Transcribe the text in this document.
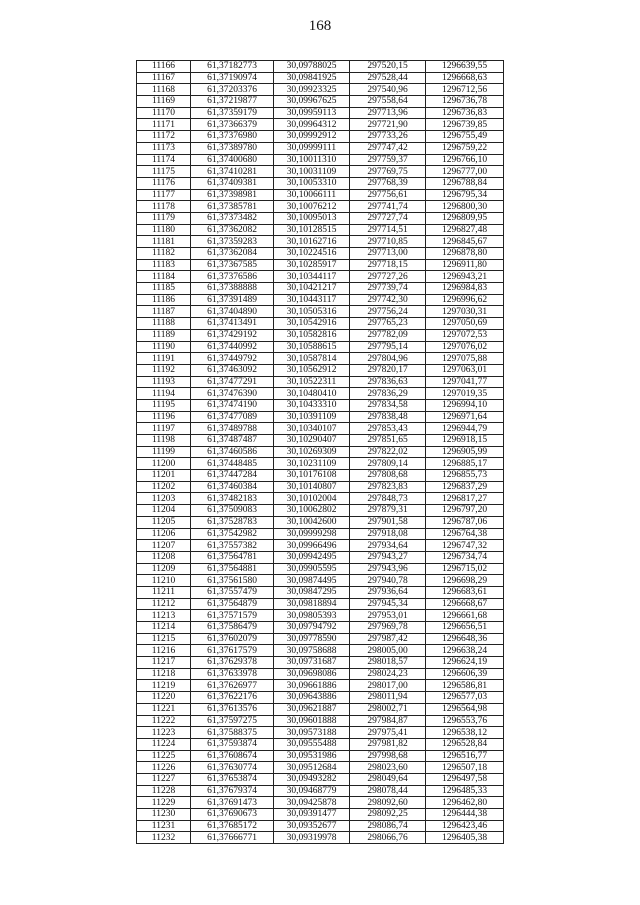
168
11166	61,37182773	30,09788025	297520,15	1296639,55
11167	61,37190974	30,09841925	297528,44	1296668,63
11168	61,37203376	30,09923325	297540,96	1296712,56
11169	61,37219877	30,09967625	297558,64	1296736,78
11170	61,37359179	30,09959113	297713,96	1296736,83
11171	61,37366379	30,09964312	297721,90	1296739,85
11172	61,37376980	30,09992912	297733,26	1296755,49
11173	61,37389780	30,09999111	297747,42	1296759,22
11174	61,37400680	30,10011310	297759,37	1296766,10
11175	61,37410281	30,10031109	297769,75	1296777,00
11176	61,37409381	30,10053310	297768,39	1296788,84
11177	61,37398981	30,10066111	297756,61	1296795,34
11178	61,37385781	30,10076212	297741,74	1296800,30
11179	61,37373482	30,10095013	297727,74	1296809,95
11180	61,37362082	30,10128515	297714,51	1296827,48
11181	61,37359283	30,10162716	297710,85	1296845,67
11182	61,37362084	30,10224516	297713,00	1296878,80
11183	61,37367585	30,10285917	297718,15	1296911,80
11184	61,37376586	30,10344117	297727,26	1296943,21
11185	61,37388888	30,10421217	297739,74	1296984,83
11186	61,37391489	30,10443117	297742,30	1296996,62
11187	61,37404890	30,10505316	297756,24	1297030,31
11188	61,37413491	30,10542916	297765,23	1297050,69
11189	61,37429192	30,10582816	297782,09	1297072,53
11190	61,37440992	30,10588615	297795,14	1297076,02
11191	61,37449792	30,10587814	297804,96	1297075,88
11192	61,37463092	30,10562912	297820,17	1297063,01
11193	61,37477291	30,10522311	297836,63	1297041,77
11194	61,37476390	30,10480410	297836,29	1297019,35
11195	61,37474190	30,10433310	297834,58	1296994,10
11196	61,37477089	30,10391109	297838,48	1296971,64
11197	61,37489788	30,10340107	297853,43	1296944,79
11198	61,37487487	30,10290407	297851,65	1296918,15
11199	61,37460586	30,10269309	297822,02	1296905,99
11200	61,37448485	30,10231109	297809,14	1296885,17
11201	61,37447284	30,10176108	297808,68	1296855,73
11202	61,37460384	30,10140807	297823,83	1296837,29
11203	61,37482183	30,10102004	297848,73	1296817,27
11204	61,37509083	30,10062802	297879,31	1296797,20
11205	61,37528783	30,10042600	297901,58	1296787,06
11206	61,37542982	30,09999298	297918,08	1296764,38
11207	61,37557382	30,09966496	297934,64	1296747,32
11208	61,37564781	30,09942495	297943,27	1296734,74
11209	61,37564881	30,09905595	297943,96	1296715,02
11210	61,37561580	30,09874495	297940,78	1296698,29
11211	61,37557479	30,09847295	297936,64	1296683,61
11212	61,37564879	30,09818894	297945,34	1296668,67
11213	61,37571579	30,09805393	297953,01	1296661,68
11214	61,37586479	30,09794792	297969,78	1296656,51
11215	61,37602079	30,09778590	297987,42	1296648,36
11216	61,37617579	30,09758688	298005,00	1296638,24
11217	61,37629378	30,09731687	298018,57	1296624,19
11218	61,37633978	30,09698086	298024,23	1296606,39
11219	61,37626977	30,09661886	298017,00	1296586,81
11220	61,37622176	30,09643886	298011,94	1296577,03
11221	61,37613576	30,09621887	298002,71	1296564,98
11222	61,37597275	30,09601888	297984,87	1296553,76
11223	61,37588375	30,09573188	297975,41	1296538,12
11224	61,37593874	30,09555488	297981,82	1296528,84
11225	61,37608674	30,09531986	297998,68	1296516,77
11226	61,37630774	30,09512684	298023,60	1296507,18
11227	61,37653874	30,09493282	298049,64	1296497,58
11228	61,37679374	30,09468779	298078,44	1296485,33
11229	61,37691473	30,09425878	298092,60	1296462,80
11230	61,37690673	30,09391477	298092,25	1296444,38
11231	61,37685172	30,09352677	298086,74	1296423,46
11232	61,37666771	30,09319978	298066,76	1296405,38
